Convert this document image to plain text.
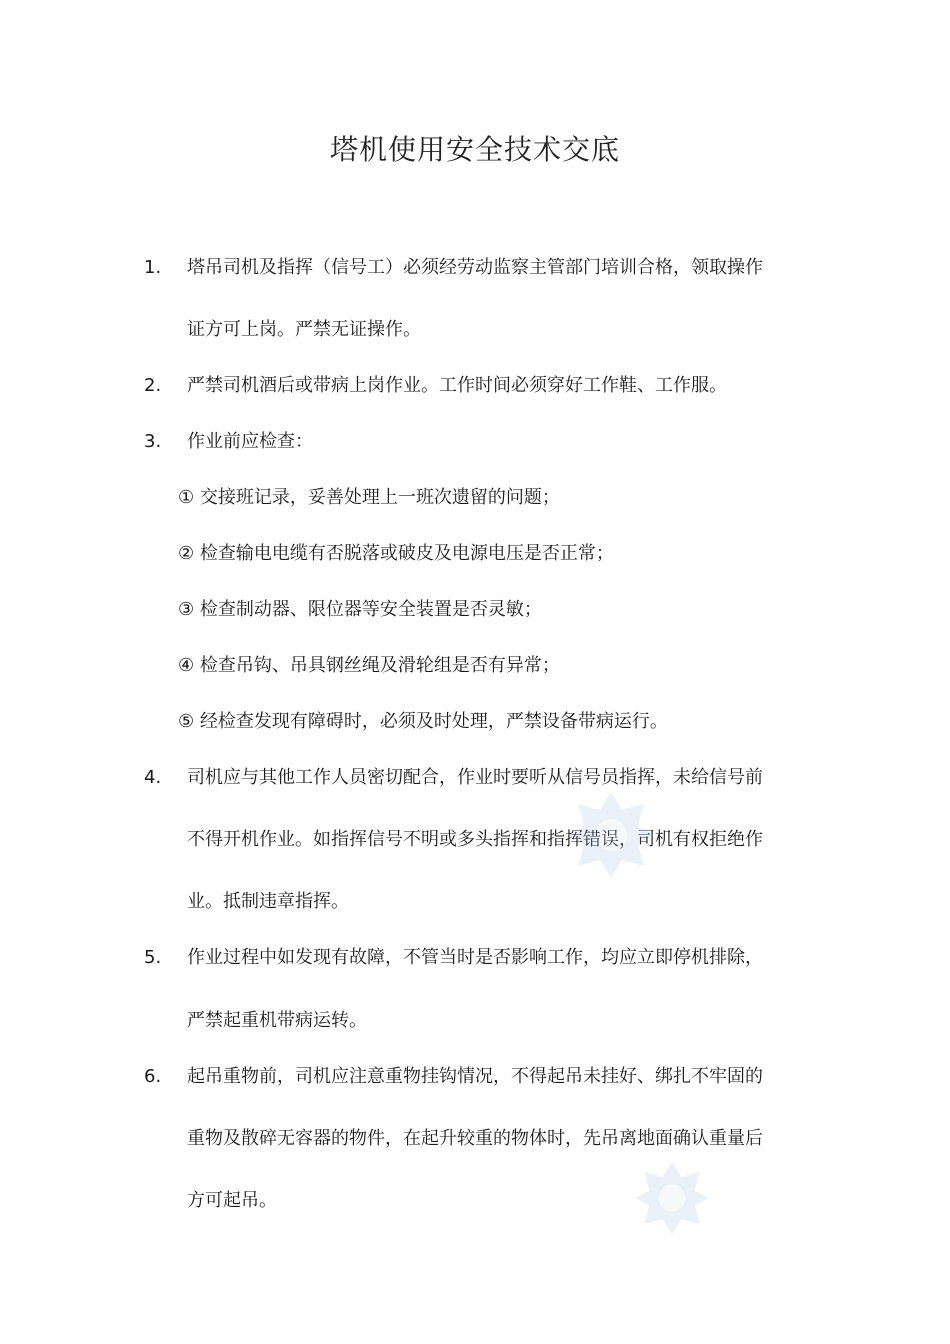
塔机使用安全技术交底
1. 塔吊司机及指挥（信号工）必须经劳动监察主管部门培训合格，领取操作
证方可上岗。严禁无证操作。
2. 严禁司机酒后或带病上岗作业。工作时间必须穿好工作鞋、工作服。
3. 作业前应检查：
① 交接班记录，妥善处理上一班次遗留的问题；
② 检查输电电缆有否脱落或破皮及电源电压是否正常；
③ 检查制动器、限位器等安全装置是否灵敏；
④ 检查吊钩、吊具钢丝绳及滑轮组是否有异常；
⑤ 经检查发现有障碍时，必须及时处理，严禁设备带病运行。
4. 司机应与其他工作人员密切配合，作业时要听从信号员指挥，未给信号前
不得开机作业。如指挥信号不明或多头指挥和指挥错误，司机有权拒绝作
业。抵制违章指挥。
5. 作业过程中如发现有故障，不管当时是否影响工作，均应立即停机排除，
严禁起重机带病运转。
6. 起吊重物前，司机应注意重物挂钩情况，不得起吊未挂好、绑扎不牢固的
重物及散碎无容器的物件，在起升较重的物体时，先吊离地面确认重量后
方可起吊。
